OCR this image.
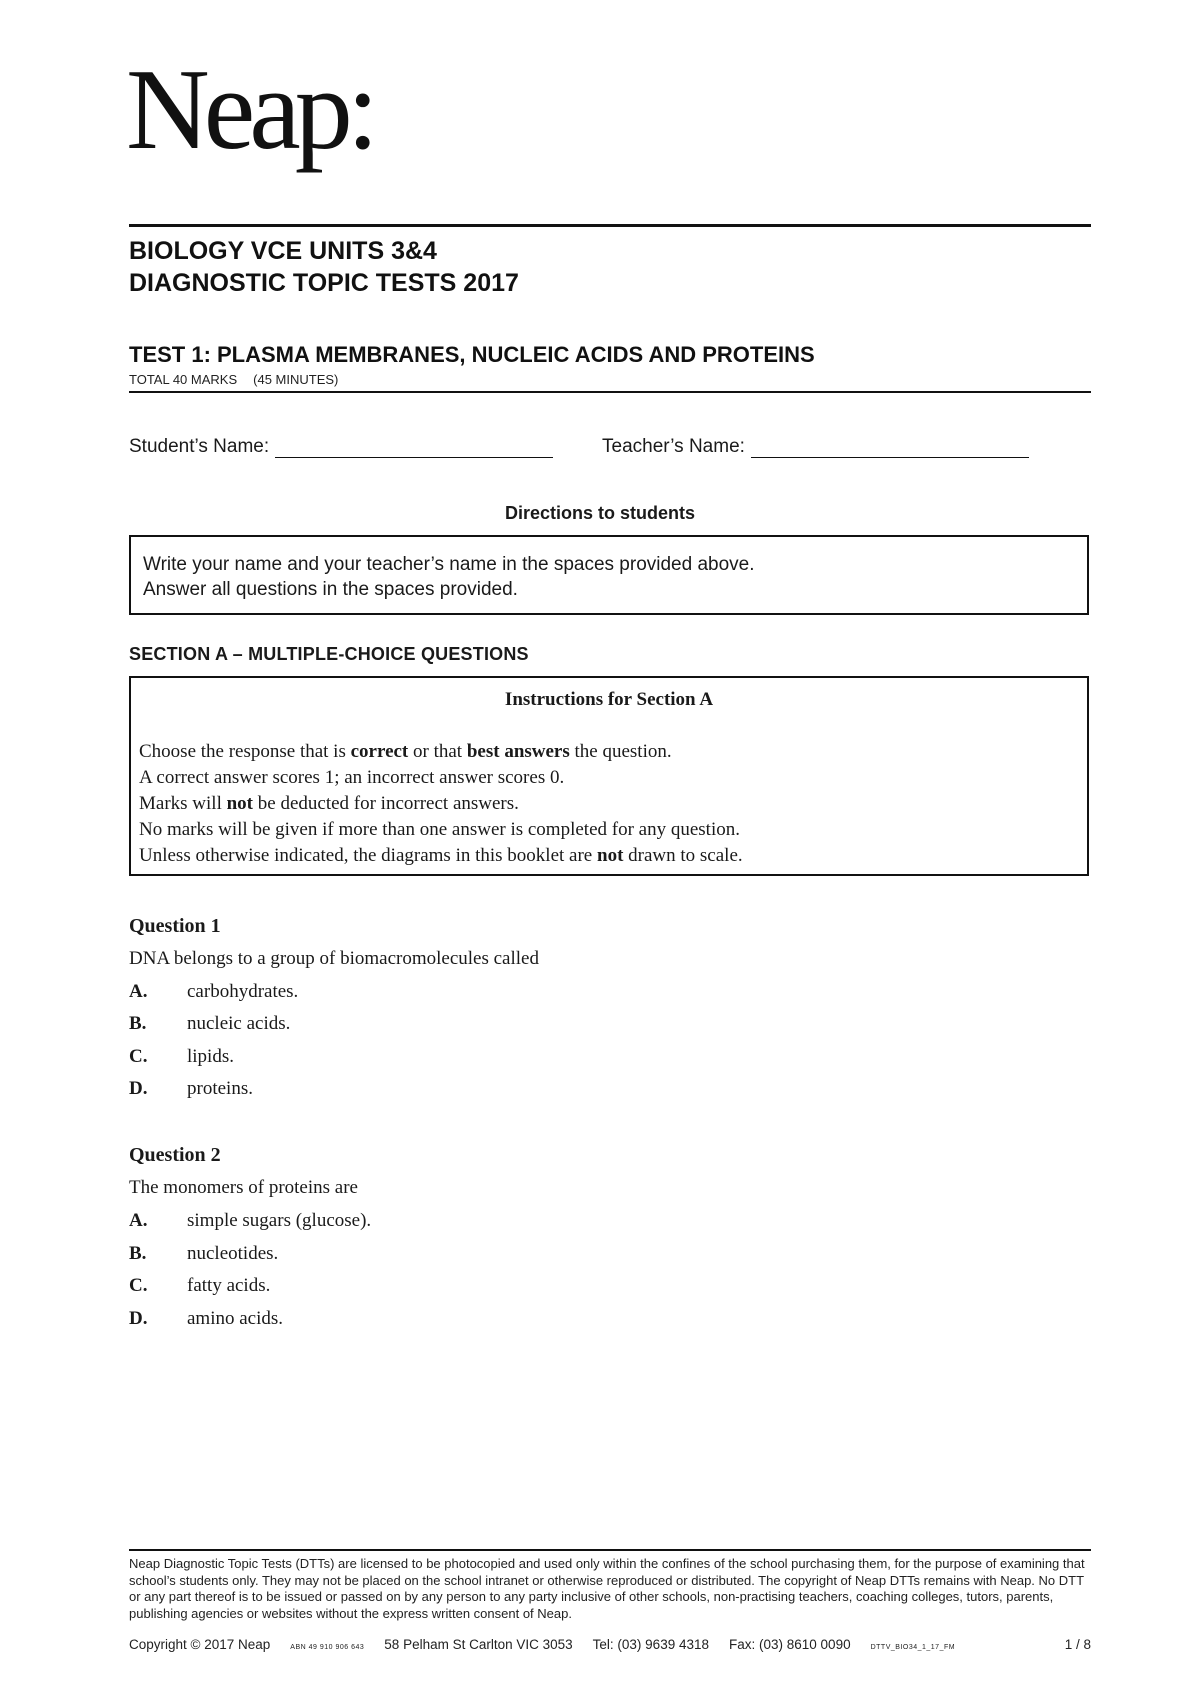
Neap:
BIOLOGY VCE UNITS 3&4
DIAGNOSTIC TOPIC TESTS 2017
TEST 1: PLASMA MEMBRANES, NUCLEIC ACIDS AND PROTEINS
TOTAL 40 MARKS (45 MINUTES)
Student’s Name:	Teacher’s Name:
Directions to students
Write your name and your teacher’s name in the spaces provided above.
Answer all questions in the spaces provided.
SECTION A – MULTIPLE-CHOICE QUESTIONS
Instructions for Section A
Choose the response that is correct or that best answers the question.
A correct answer scores 1; an incorrect answer scores 0.
Marks will not be deducted for incorrect answers.
No marks will be given if more than one answer is completed for any question.
Unless otherwise indicated, the diagrams in this booklet are not drawn to scale.
Question 1
DNA belongs to a group of biomacromolecules called
A.	carbohydrates.
B.	nucleic acids.
C.	lipids.
D.	proteins.
Question 2
The monomers of proteins are
A.	simple sugars (glucose).
B.	nucleotides.
C.	fatty acids.
D.	amino acids.
Neap Diagnostic Topic Tests (DTTs) are licensed to be photocopied and used only within the confines of the school purchasing them, for the purpose of examining that school’s students only. They may not be placed on the school intranet or otherwise reproduced or distributed. The copyright of Neap DTTs remains with Neap. No DTT or any part thereof is to be issued or passed on by any person to any party inclusive of other schools, non-practising teachers, coaching colleges, tutors, parents, publishing agencies or websites without the express written consent of Neap.
Copyright © 2017 Neap	ABN 49 910 906 643 58 Pelham St Carlton VIC 3053 Tel: (03) 9639 4318 Fax: (03) 8610 0090	DTTV_BIO34_1_17_FM	1 / 8
